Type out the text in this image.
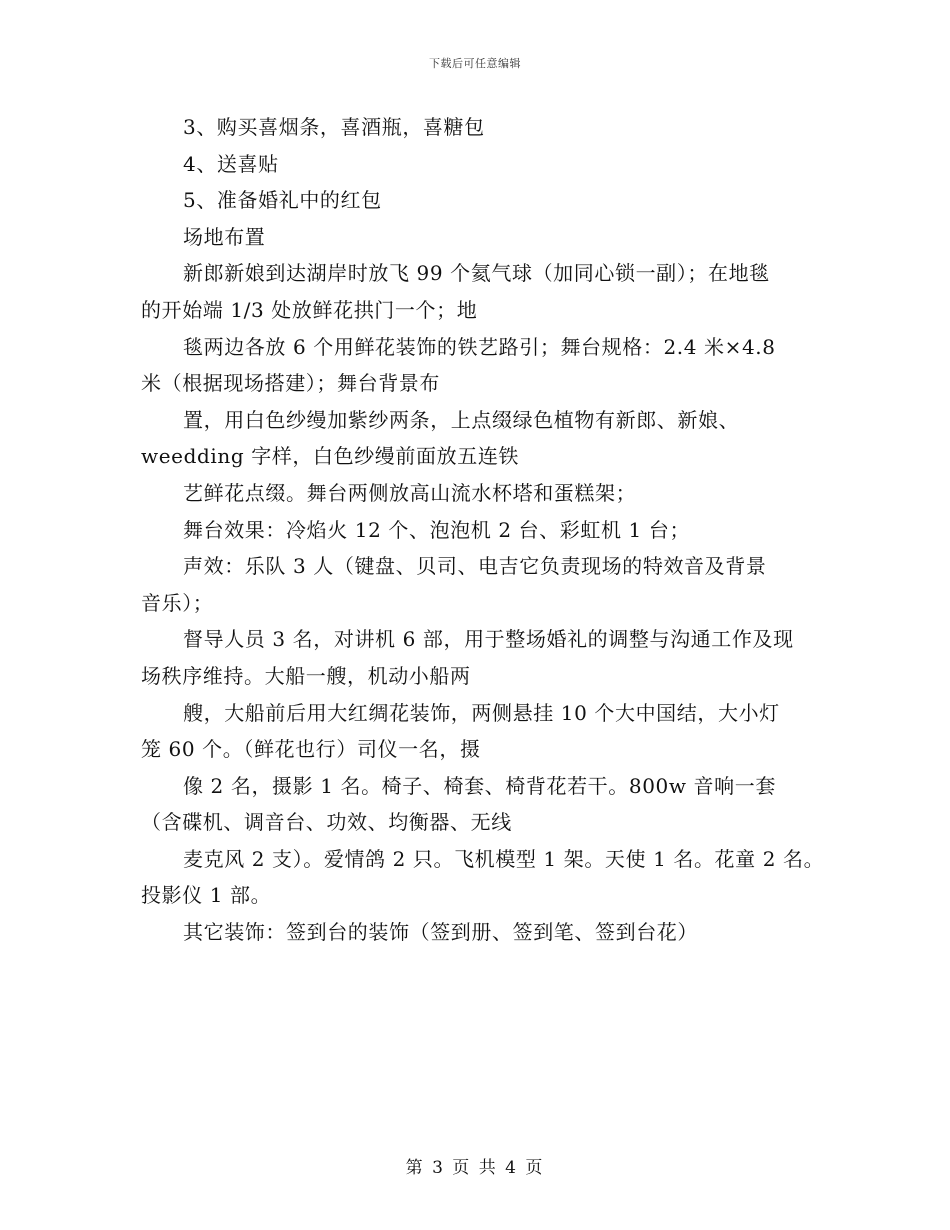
下载后可任意编辑
3、购买喜烟条，喜酒瓶，喜糖包
4、送喜贴
5、准备婚礼中的红包
场地布置
新郎新娘到达湖岸时放飞 99 个氦气球（加同心锁一副）；在地毯
的开始端 1/3 处放鲜花拱门一个；地
毯两边各放 6 个用鲜花装饰的铁艺路引；舞台规格：2.4 米×4.8
米（根据现场搭建）；舞台背景布
置，用白色纱缦加紫纱两条，上点缀绿色植物有新郎、新娘、
weedding 字样，白色纱缦前面放五连铁
艺鲜花点缀。舞台两侧放高山流水杯塔和蛋糕架；
舞台效果：冷焰火 12 个、泡泡机 2 台、彩虹机 1 台；
声效：乐队 3 人（键盘、贝司、电吉它负责现场的特效音及背景
音乐）；
督导人员 3 名，对讲机 6 部，用于整场婚礼的调整与沟通工作及现
场秩序维持。大船一艘，机动小船两
艘，大船前后用大红绸花装饰，两侧悬挂 10 个大中国结，大小灯
笼 60 个。（鲜花也行）司仪一名，摄
像 2 名，摄影 1 名。椅子、椅套、椅背花若干。800w 音响一套
（含碟机、调音台、功效、均衡器、无线
麦克风 2 支）。爱情鸽 2 只。飞机模型 1 架。天使 1 名。花童 2 名。
投影仪 1 部。
其它装饰：签到台的装饰（签到册、签到笔、签到台花）
第 3 页 共 4 页
